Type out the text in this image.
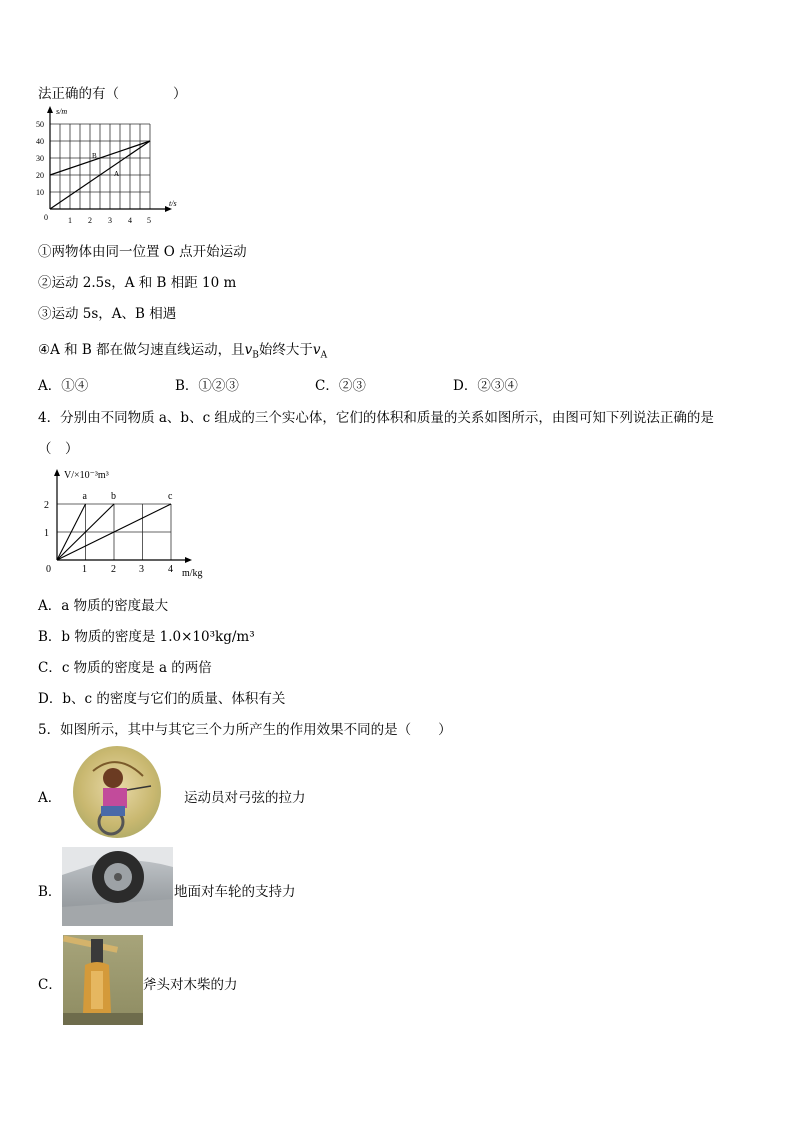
法正确的有（　　　　）
s/m
t/s
50
40
30
20
10
0	1 2 3 4 5
B
A
①两物体由同一位置 O 点开始运动
②运动 2.5s，A 和 B 相距 10 m
③运动 5s，A、B 相遇
④A 和 B 都在做匀速直线运动，且$v_B$始终大于$v_A$
A．①④	B．①②③	C．②③	D．②③④
4．分别由不同物质 a、b、c 组成的三个实心体，它们的体积和质量的关系如图所示，由图可知下列说法正确的是
（　）
a b	c
V/×10⁻³m³
m/kg
0
1
2
1 2 3 4
A．a 物质的密度最大
B．b 物质的密度是 1.0×10³kg/m³
C．c 物质的密度是 a 的两倍
D．b、c 的密度与它们的质量、体积有关
5．如图所示，其中与其它三个力所产生的作用效果不同的是（　　）
A．	运动员对弓弦的拉力
B．	地面对车轮的支持力
C．	斧头对木柴的力
